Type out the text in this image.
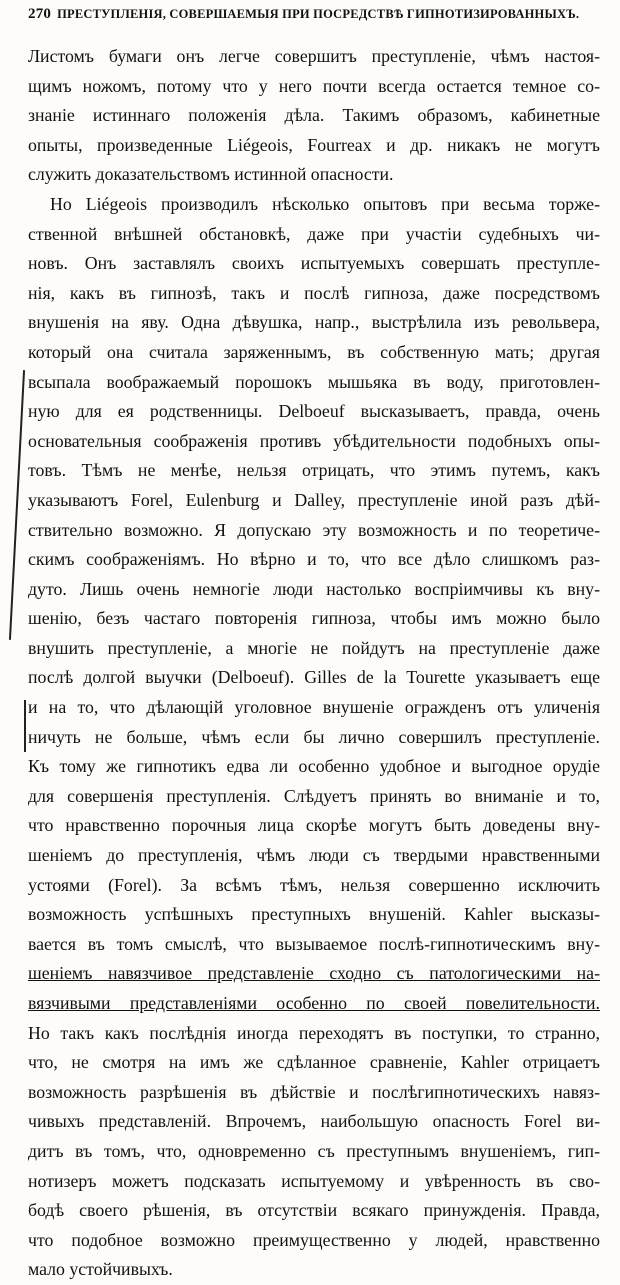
270 ПРЕСТУПЛЕНІЯ, СОВЕРШАЕМЫЯ ПРИ ПОСРЕДСТВѢ ГИПНОТИЗИРОВАННЫХЪ.
Листомъ бумаги онъ легче совершитъ преступленіе, чѣмъ настоя-
щимъ ножомъ, потому что у него почти всегда остается темное со-
знаніе истиннаго положенія дѣла. Такимъ образомъ, кабинетные
опыты, произведенные Liégeois, Fourreax и др. никакъ не могутъ
служить доказательствомъ истинной опасности.
Но Liégeois производилъ нѣсколько опытовъ при весьма торже-
ственной внѣшней обстановкѣ, даже при участіи судебныхъ чи-
новъ. Онъ заставлялъ своихъ испытуемыхъ совершать преступле-
нія, какъ въ гипнозѣ, такъ и послѣ гипноза, даже посредствомъ
внушенія на яву. Одна дѣвушка, напр., выстрѣлила изъ револьвера,
который она считала заряженнымъ, въ собственную мать; другая
всыпала воображаемый порошокъ мышьяка въ воду, приготовлен-
ную для ея родственницы. Delboeuf высказываетъ, правда, очень
основательныя соображенія противъ убѣдительности подобныхъ опы-
товъ. Тѣмъ не менѣе, нельзя отрицать, что этимъ путемъ, какъ
указываютъ Forel, Eulenburg и Dalley, преступленіе иной разъ дѣй-
ствительно возможно. Я допускаю эту возможность и по теоретиче-
скимъ соображеніямъ. Но вѣрно и то, что все дѣло слишкомъ раз-
дуто. Лишь очень немногіе люди настолько воспріимчивы къ вну-
шенію, безъ частаго повторенія гипноза, чтобы имъ можно было
внушить преступленіе, а многіе не пойдутъ на преступленіе даже
послѣ долгой выучки (Delboeuf). Gilles de la Tourette указываетъ еще
и на то, что дѣлающій уголовное внушеніе огражденъ отъ уличенія
ничуть не больше, чѣмъ если бы лично совершилъ преступленіе.
Къ тому же гипнотикъ едва ли особенно удобное и выгодное орудіе
для совершенія преступленія. Слѣдуетъ принять во вниманіе и то,
что нравственно порочныя лица скорѣе могутъ быть доведены вну-
шеніемъ до преступленія, чѣмъ люди съ твердыми нравственными
устоями (Forel). За всѣмъ тѣмъ, нельзя совершенно исключить
возможность успѣшныхъ преступныхъ внушеній. Kahler высказы-
вается въ томъ смыслѣ, что вызываемое послѣ-гипнотическимъ вну-
шеніемъ навязчивое представленіе сходно съ патологическими на-
вязчивыми представленіями особенно по своей повелительности.
Но такъ какъ послѣднія иногда переходятъ въ поступки, то странно,
что, не смотря на имъ же сдѣланное сравненіе, Kahler отрицаетъ
возможность разрѣшенія въ дѣйствіе и послѣгипнотическихъ навяз-
чивыхъ представленій. Впрочемъ, наибольшую опасность Forel ви-
дитъ въ томъ, что, одновременно съ преступнымъ внушеніемъ, гип-
нотизеръ можетъ подсказать испытуемому и увѣренность въ сво-
бодѣ своего рѣшенія, въ отсутствіи всякаго принужденія. Правда,
что подобное возможно преимущественно у людей, нравственно
мало устойчивыхъ.
